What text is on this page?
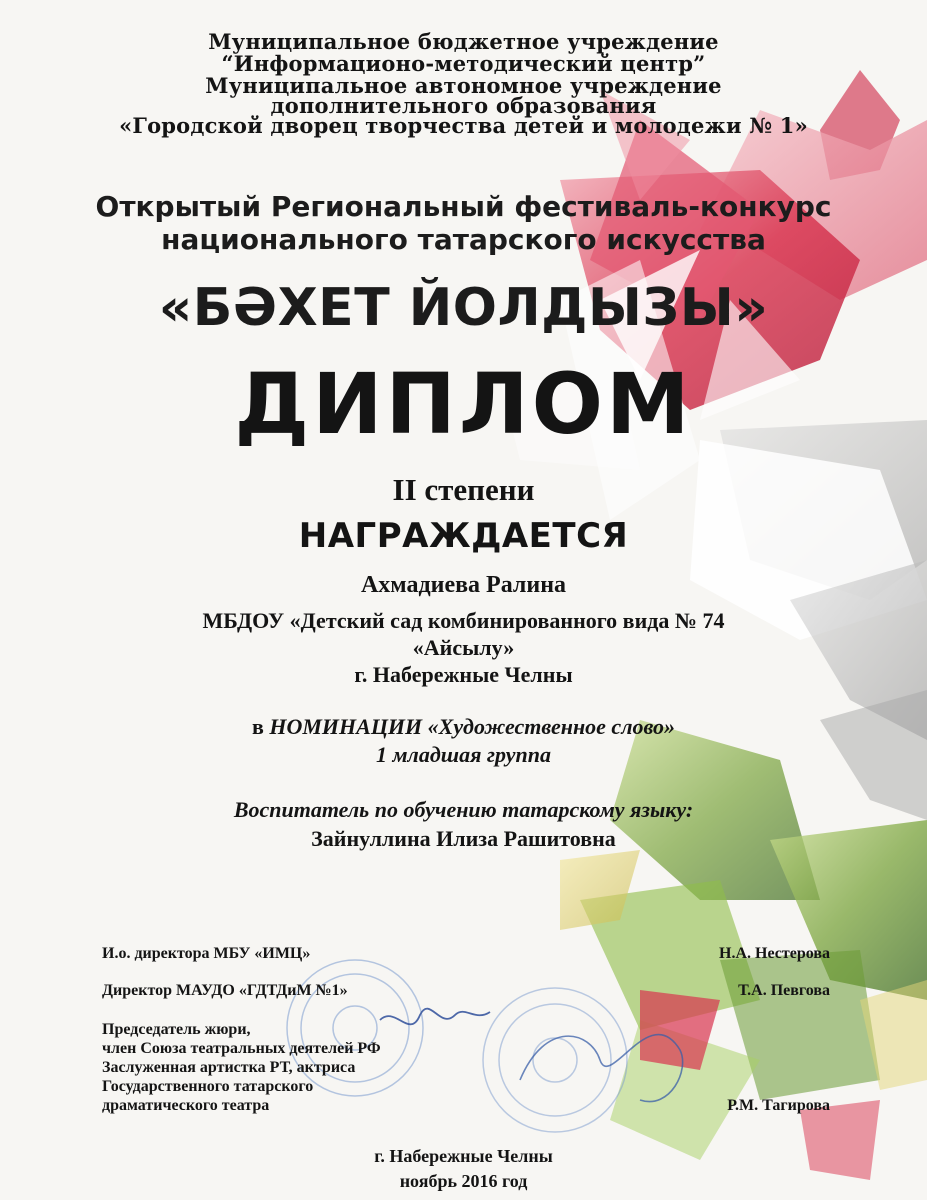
Муниципальное бюджетное учреждение
“Информационо-методический центр”
Муниципальное автономное учреждение
дополнительного образования
«Городской дворец творчества детей и молодежи № 1»
Открытый Региональный фестиваль-конкурс
национального татарского искусства
«БӘХЕТ ЙОЛДЫЗЫ»
ДИПЛОМ
II степени
НАГРАЖДАЕТСЯ
Ахмадиева Ралина
МБДОУ «Детский сад комбинированного вида № 74
«Айсылу»
г. Набережные Челны
в НОМИНАЦИИ «Художественное слово»
1 младшая группа
Воспитатель по обучению татарскому языку:
Зайнуллина Илиза Рашитовна
И.о. директора МБУ «ИМЦ»	Н.А. Нестерова
Директор МАУДО «ГДТДиМ №1»	Т.А. Певгова
Председатель жюри,
член Союза театральных деятелей РФ
Заслуженная артистка РТ, актриса
Государственного татарского
драматического театра	Р.М. Тагирова
г. Набережные Челны
ноябрь 2016 год
